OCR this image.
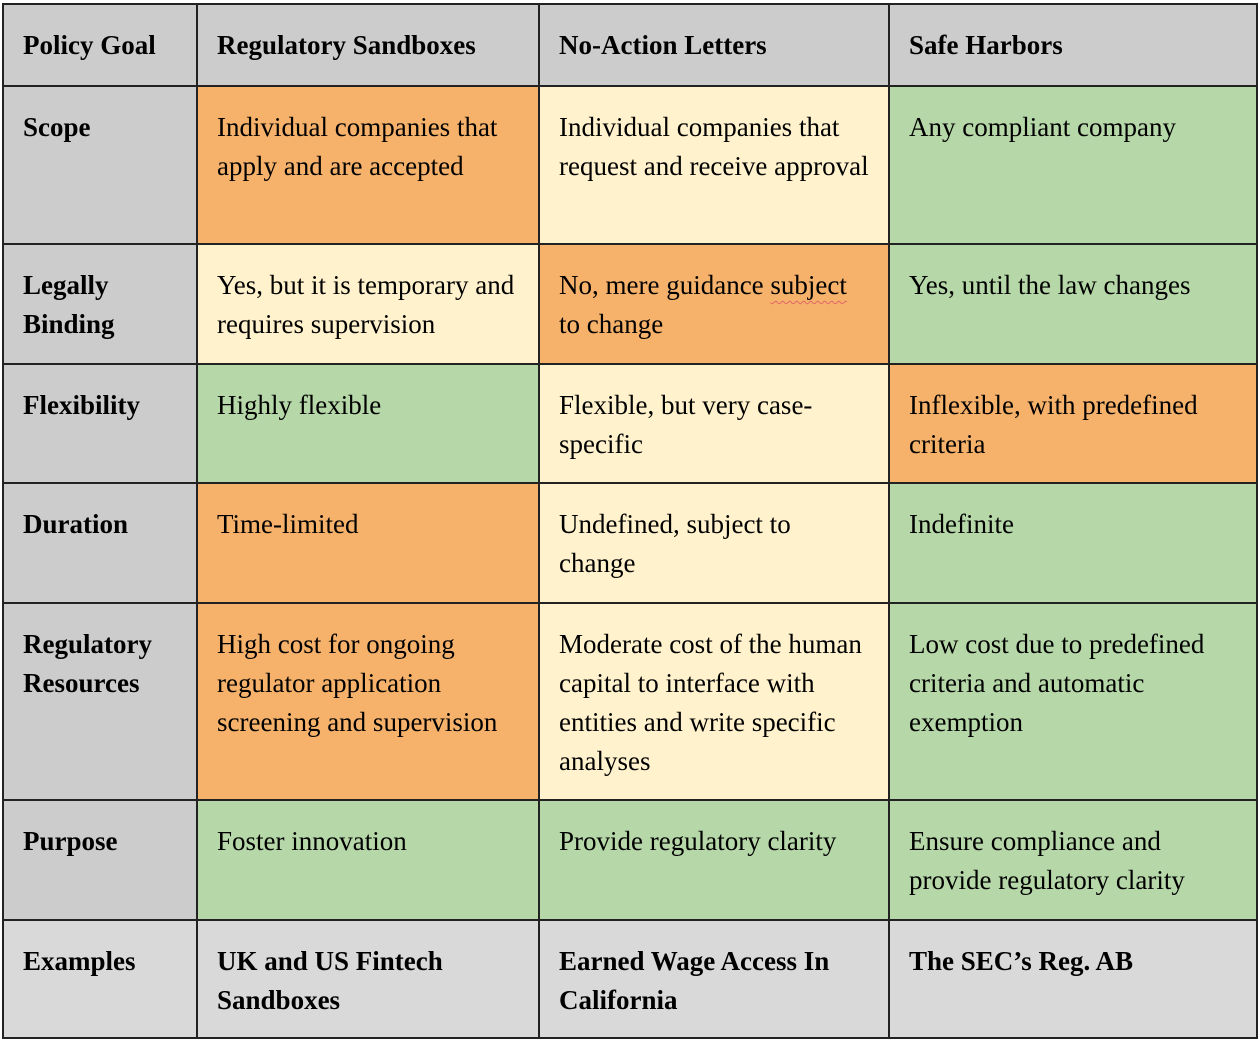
Policy Goal	Regulatory Sandboxes	No-Action Letters	Safe Harbors
Scope	Individual companies that apply and are accepted	Individual companies that request and receive approval	Any compliant company
Legally Binding	Yes, but it is temporary and requires supervision	No, mere guidance subject to change	Yes, until the law changes
Flexibility	Highly flexible	Flexible, but very case-specific	Inflexible, with predefined criteria
Duration	Time-limited	Undefined, subject to change	Indefinite
Regulatory Resources	High cost for ongoing regulator application screening and supervision	Moderate cost of the human capital to interface with entities and write specific analyses	Low cost due to predefined criteria and automatic exemption
Purpose	Foster innovation	Provide regulatory clarity	Ensure compliance and provide regulatory clarity
Examples	UK and US Fintech Sandboxes	Earned Wage Access In California	The SEC’s Reg. AB
